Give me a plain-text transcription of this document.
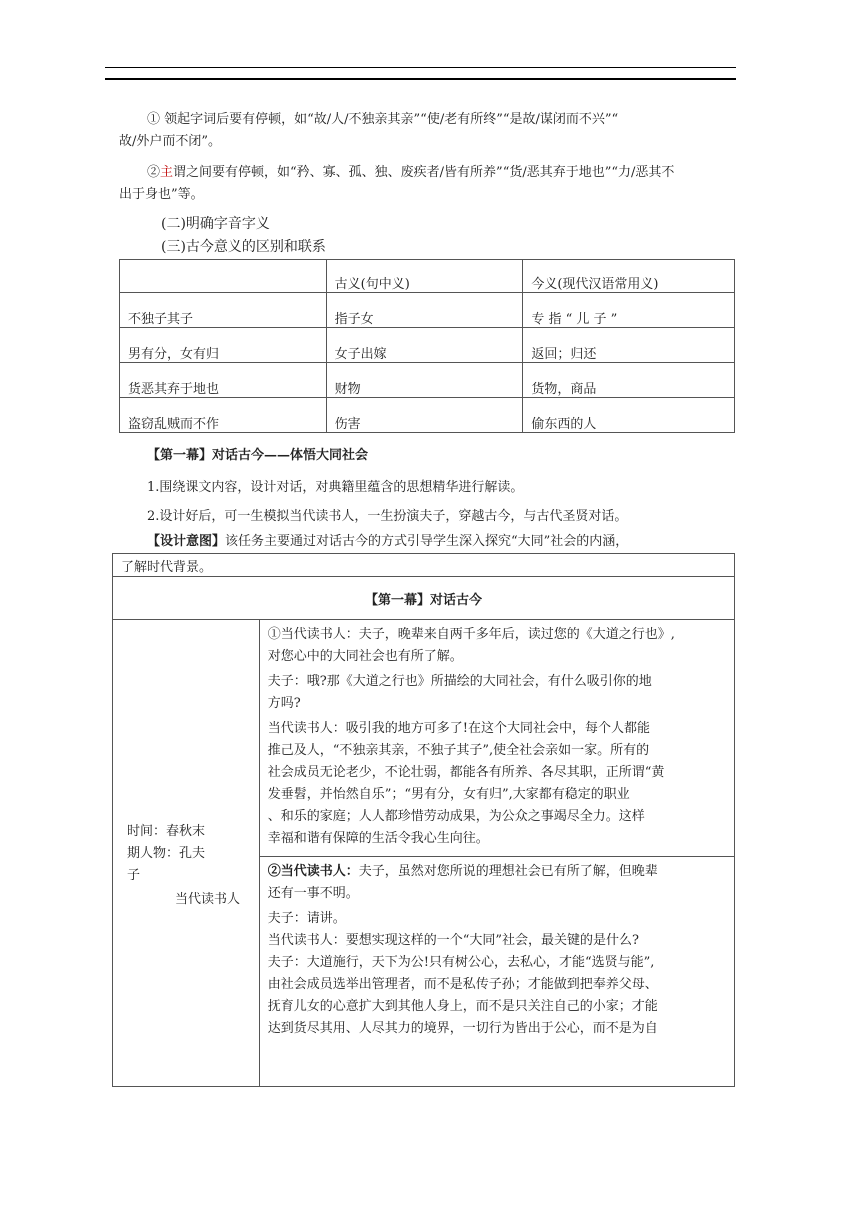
① 领起字词后要有停顿，如“故/人/不独亲其亲”“使/老有所终”“是故/谋闭而不兴”“
故/外户而不闭”。
②主谓之间要有停顿，如“矜、寡、孤、独、废疾者/皆有所养”“货/恶其弃于地也”“力/恶其不
出于身也”等。
(二)明确字音字义
(三)古今意义的区别和联系
	古义(句中义)	今义(现代汉语常用义)
不独子其子	指子女	专 指 “ 儿 子 ”
男有分，女有归	女子出嫁	返回；归还
货恶其弃于地也	财物	货物，商品
盗窃乱贼而不作	伤害	偷东西的人
【第一幕】对话古今——体悟大同社会
1.围绕课文内容，设计对话，对典籍里蕴含的思想精华进行解读。
2.设计好后，可一生模拟当代读书人，一生扮演夫子，穿越古今，与古代圣贤对话。
【设计意图】该任务主要通过对话古今的方式引导学生深入探究“大同”社会的内涵，
了解时代背景。
【第一幕】对话古今

时间：春秋末
期人物：孔夫
子
当代读书人

①当代读书人：夫子，晚辈来自两千多年后，读过您的《大道之行也》,

对您心中的大同社会也有所了解。

夫子：哦?那《大道之行也》所描绘的大同社会，有什么吸引你的地

方吗?

当代读书人：吸引我的地方可多了!在这个大同社会中，每个人都能

推己及人，“不独亲其亲，不独子其子”,使全社会亲如一家。所有的

社会成员无论老少，不论壮弱，都能各有所养、各尽其职，正所谓“黄

发垂髫，并怡然自乐”；“男有分，女有归”,大家都有稳定的职业

、和乐的家庭；人人都珍惜劳动成果，为公众之事竭尽全力。这样

幸福和谐有保障的生活令我心生向往。

②当代读书人：夫子，虽然对您所说的理想社会已有所了解，但晚辈

还有一事不明。

夫子：请讲。

当代读书人：要想实现这样的一个“大同”社会，最关键的是什么?

夫子：大道施行，天下为公!只有树公心，去私心，才能“选贤与能”,

由社会成员选举出管理者，而不是私传子孙；才能做到把奉养父母、

抚育儿女的心意扩大到其他人身上，而不是只关注自己的小家；才能

达到货尽其用、人尽其力的境界，一切行为皆出于公心，而不是为自
